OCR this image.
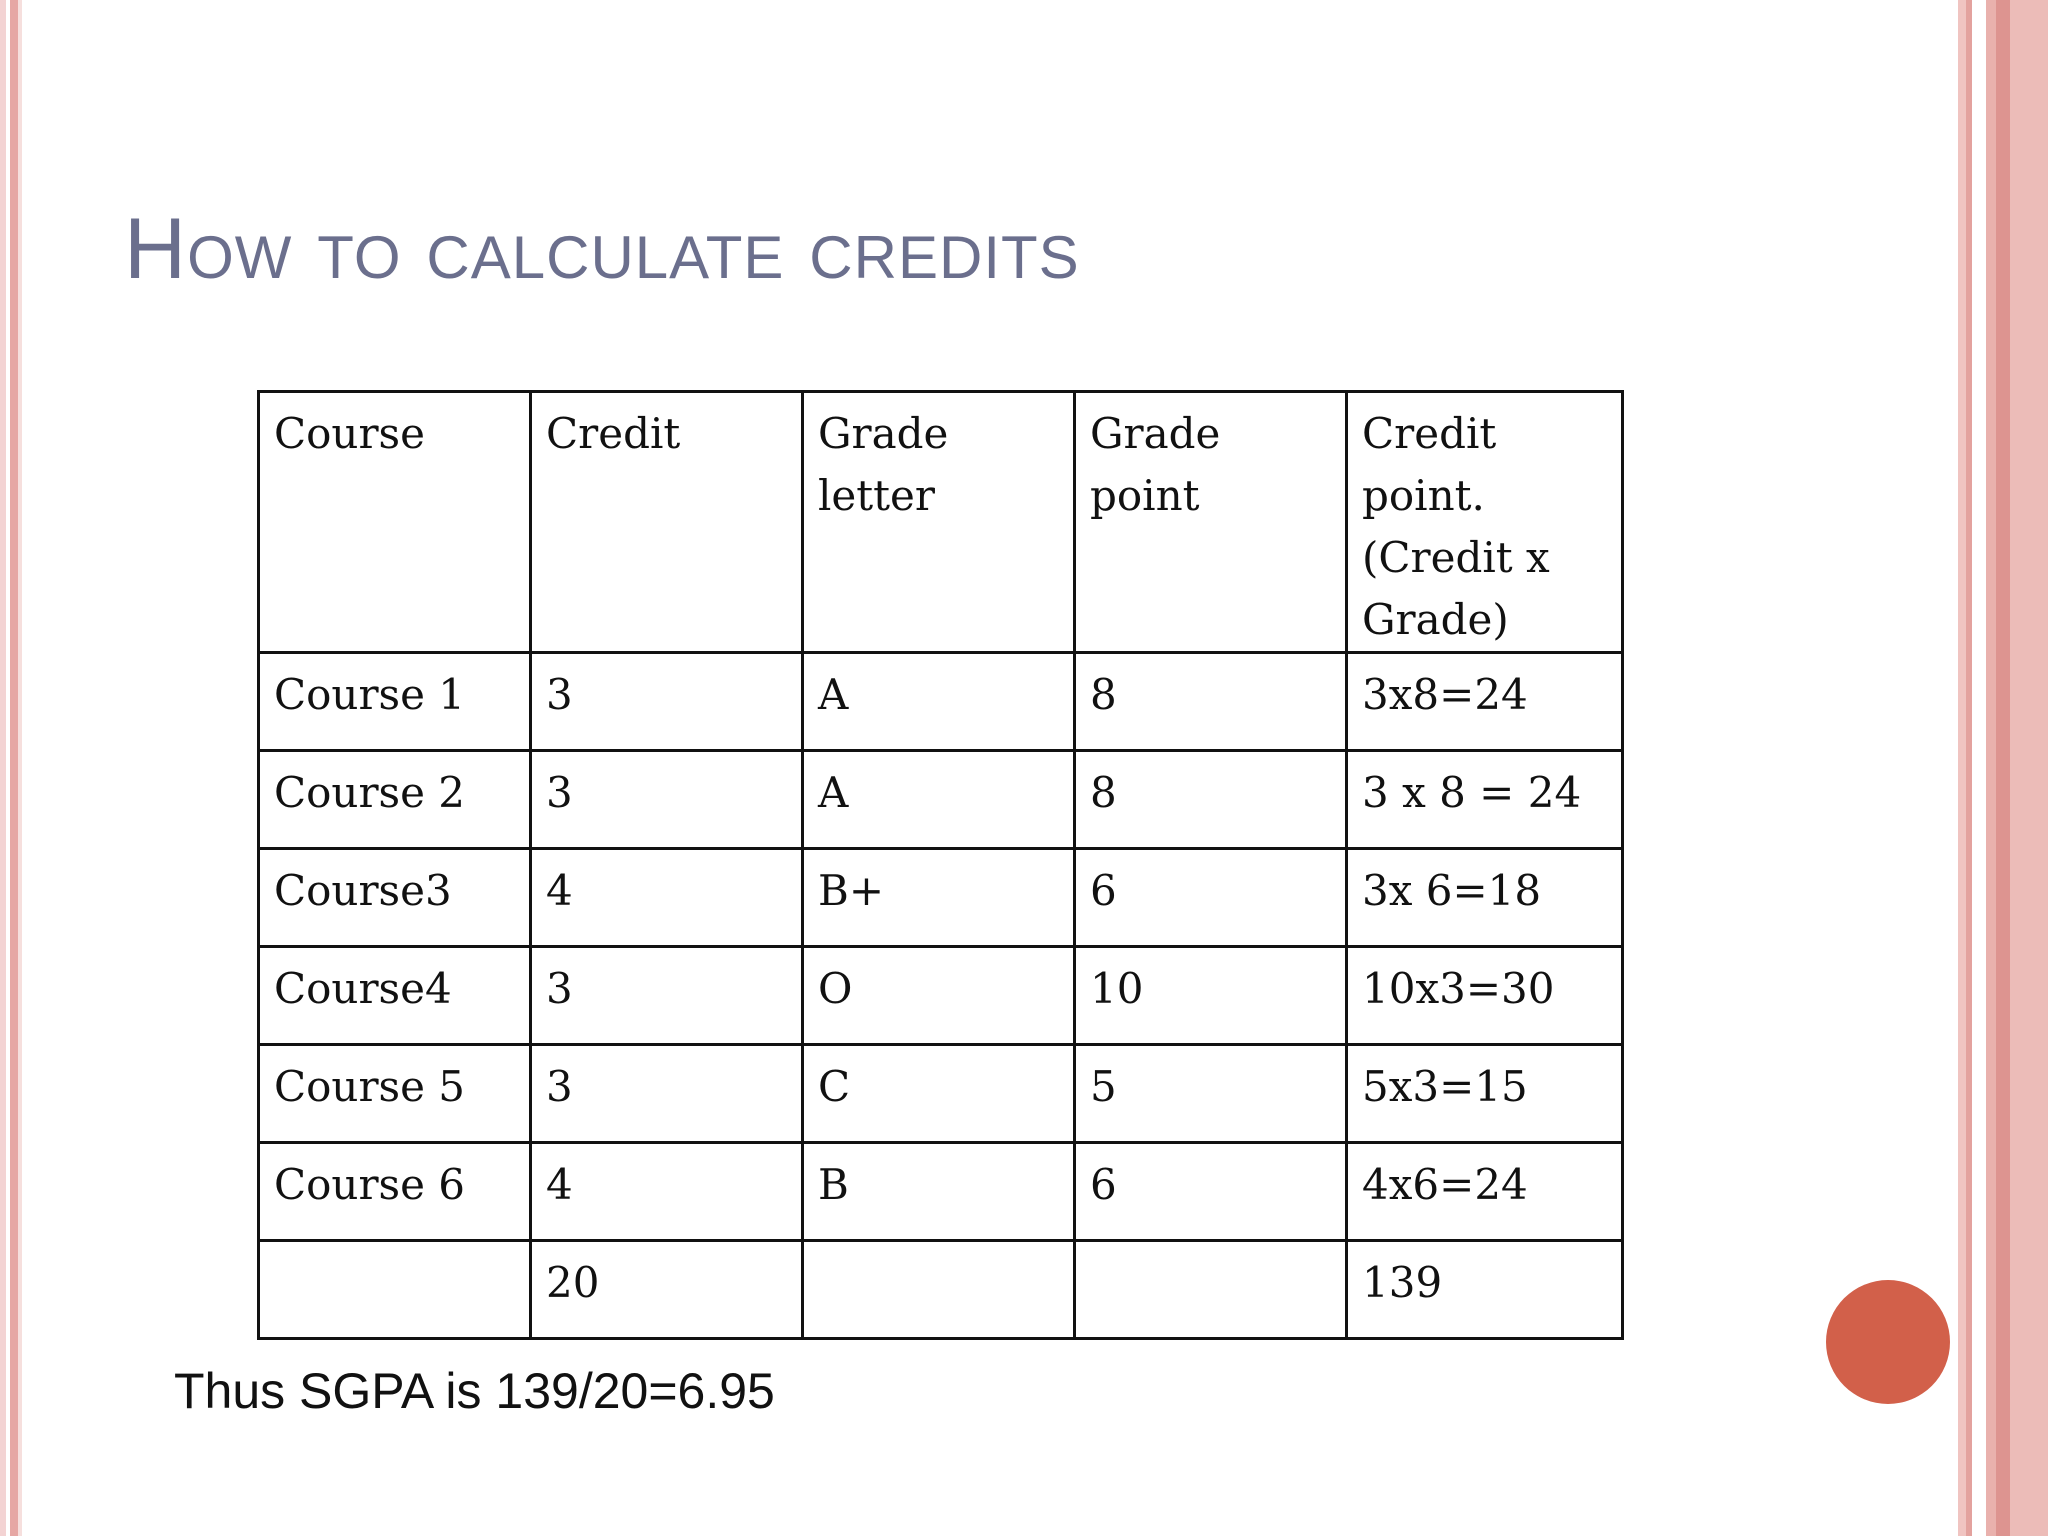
How to calculate credits
Course	Credit	Grade letter	Grade point	Credit point. (Credit x Grade)
Course 1	3	A	8	3x8=24
Course 2	3	A	8	3 x 8 = 24
Course3	4	B+	6	3x 6=18
Course4	3	O	10	10x3=30
Course 5	3	C	5	5x3=15
Course 6	4	B	6	4x6=24
	20			139
Thus SGPA is 139/20=6.95
